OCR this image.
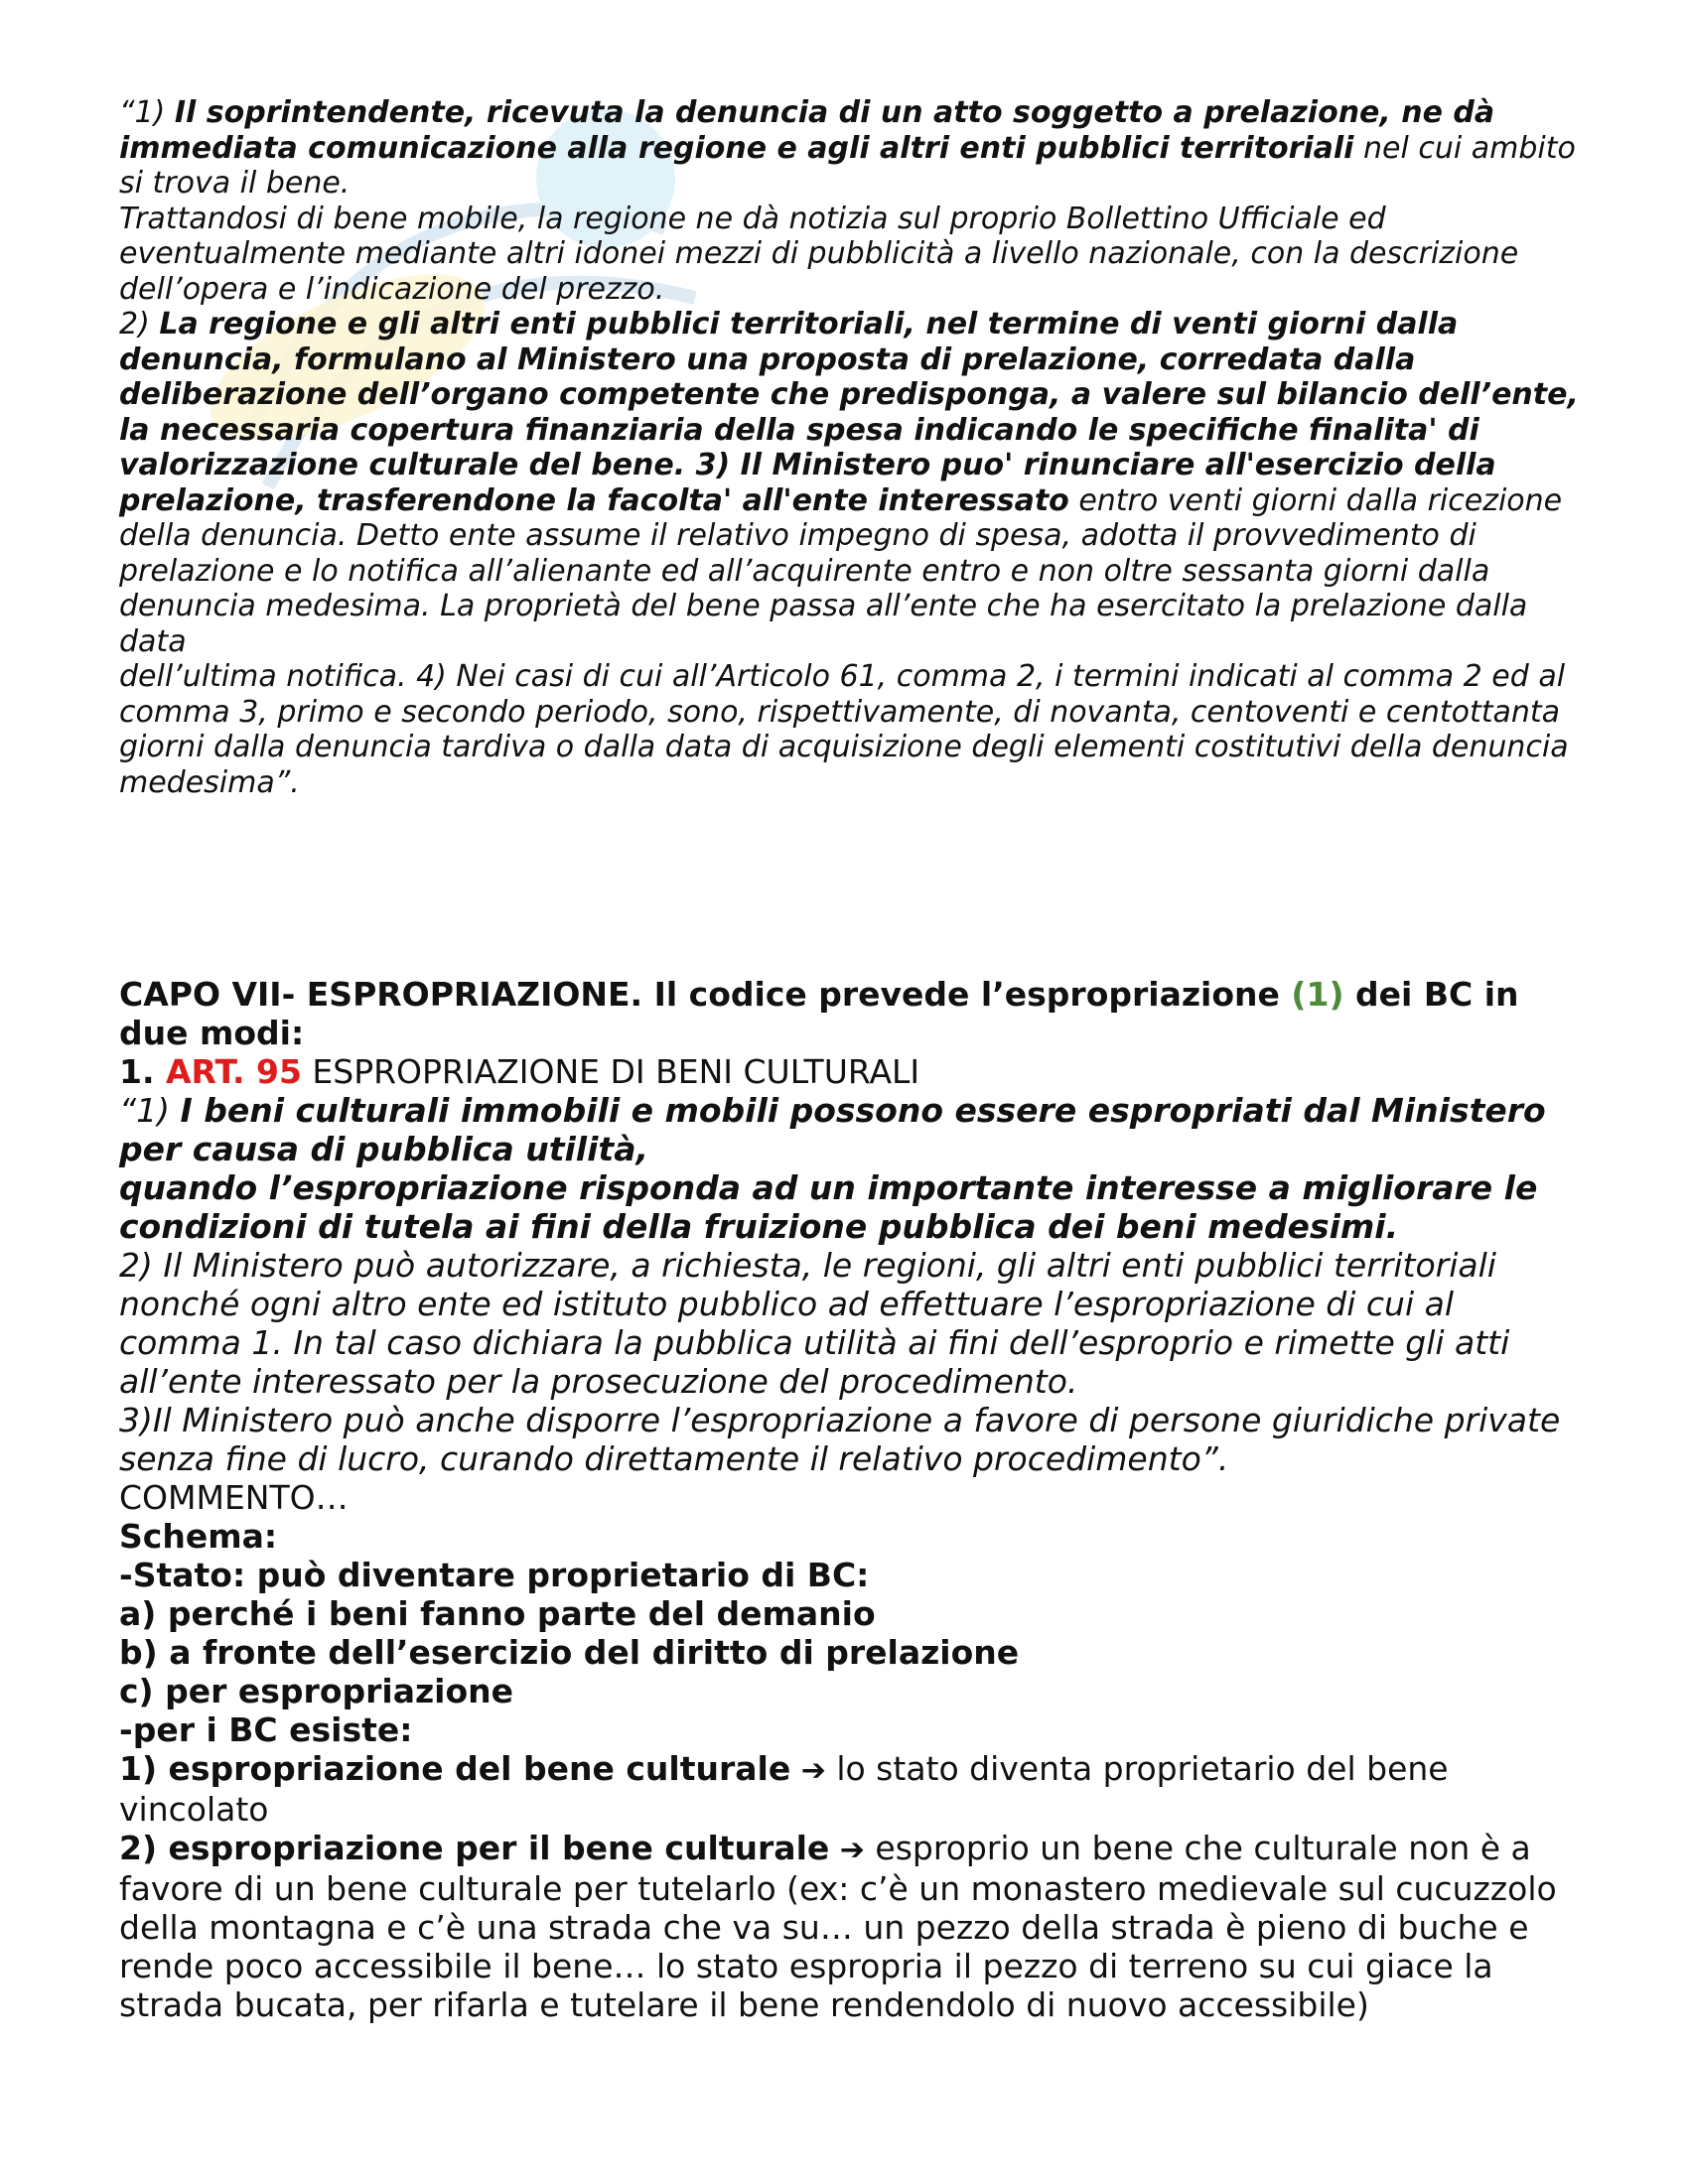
“1) Il soprintendente, ricevuta la denuncia di un atto soggetto a prelazione, ne dà immediata comunicazione alla regione e agli altri enti pubblici territoriali nel cui ambito si trova il bene.
Trattandosi di bene mobile, la regione ne dà notizia sul proprio Bollettino Ufficiale ed eventualmente mediante altri idonei mezzi di pubblicità a livello nazionale, con la descrizione dell’opera e l’indicazione del prezzo.
2) La regione e gli altri enti pubblici territoriali, nel termine di venti giorni dalla denuncia, formulano al Ministero una proposta di prelazione, corredata dalla deliberazione dell’organo competente che predisponga, a valere sul bilancio dell’ente, la necessaria copertura finanziaria della spesa indicando le specifiche finalita' di valorizzazione culturale del bene. 3) Il Ministero puo' rinunciare all'esercizio della prelazione, trasferendone la facolta' all'ente interessato entro venti giorni dalla ricezione della denuncia. Detto ente assume il relativo impegno di spesa, adotta il provvedimento di prelazione e lo notifica all’alienante ed all’acquirente entro e non oltre sessanta giorni dalla denuncia medesima. La proprietà del bene passa all’ente che ha esercitato la prelazione dalla data
dell’ultima notifica. 4) Nei casi di cui all’Articolo 61, comma 2, i termini indicati al comma 2 ed al comma 3, primo e secondo periodo, sono, rispettivamente, di novanta, centoventi e centottanta giorni dalla denuncia tardiva o dalla data di acquisizione degli elementi costitutivi della denuncia medesima”.
CAPO VII- ESPROPRIAZIONE. Il codice prevede l’espropriazione (1) dei BC in due modi:
1. ART. 95 ESPROPRIAZIONE DI BENI CULTURALI
“1) I beni culturali immobili e mobili possono essere espropriati dal Ministero per causa di pubblica utilità,
quando l’espropriazione risponda ad un importante interesse a migliorare le condizioni di tutela ai fini della fruizione pubblica dei beni medesimi.
2) Il Ministero può autorizzare, a richiesta, le regioni, gli altri enti pubblici territoriali nonché ogni altro ente ed istituto pubblico ad effettuare l’espropriazione di cui al comma 1. In tal caso dichiara la pubblica utilità ai fini dell’esproprio e rimette gli atti all’ente interessato per la prosecuzione del procedimento.
3)Il Ministero può anche disporre l’espropriazione a favore di persone giuridiche private senza fine di lucro, curando direttamente il relativo procedimento”.
COMMENTO…
Schema:
-Stato: può diventare proprietario di BC:
a) perché i beni fanno parte del demanio
b) a fronte dell’esercizio del diritto di prelazione
c) per espropriazione
-per i BC esiste:
1) espropriazione del bene culturale ➔ lo stato diventa proprietario del bene vincolato
2) espropriazione per il bene culturale ➔ esproprio un bene che culturale non è a favore di un bene culturale per tutelarlo (ex: c’è un monastero medievale sul cucuzzolo della montagna e c’è una strada che va su… un pezzo della strada è pieno di buche e rende poco accessibile il bene… lo stato espropria il pezzo di terreno su cui giace la strada bucata, per rifarla e tutelare il bene rendendolo di nuovo accessibile)
